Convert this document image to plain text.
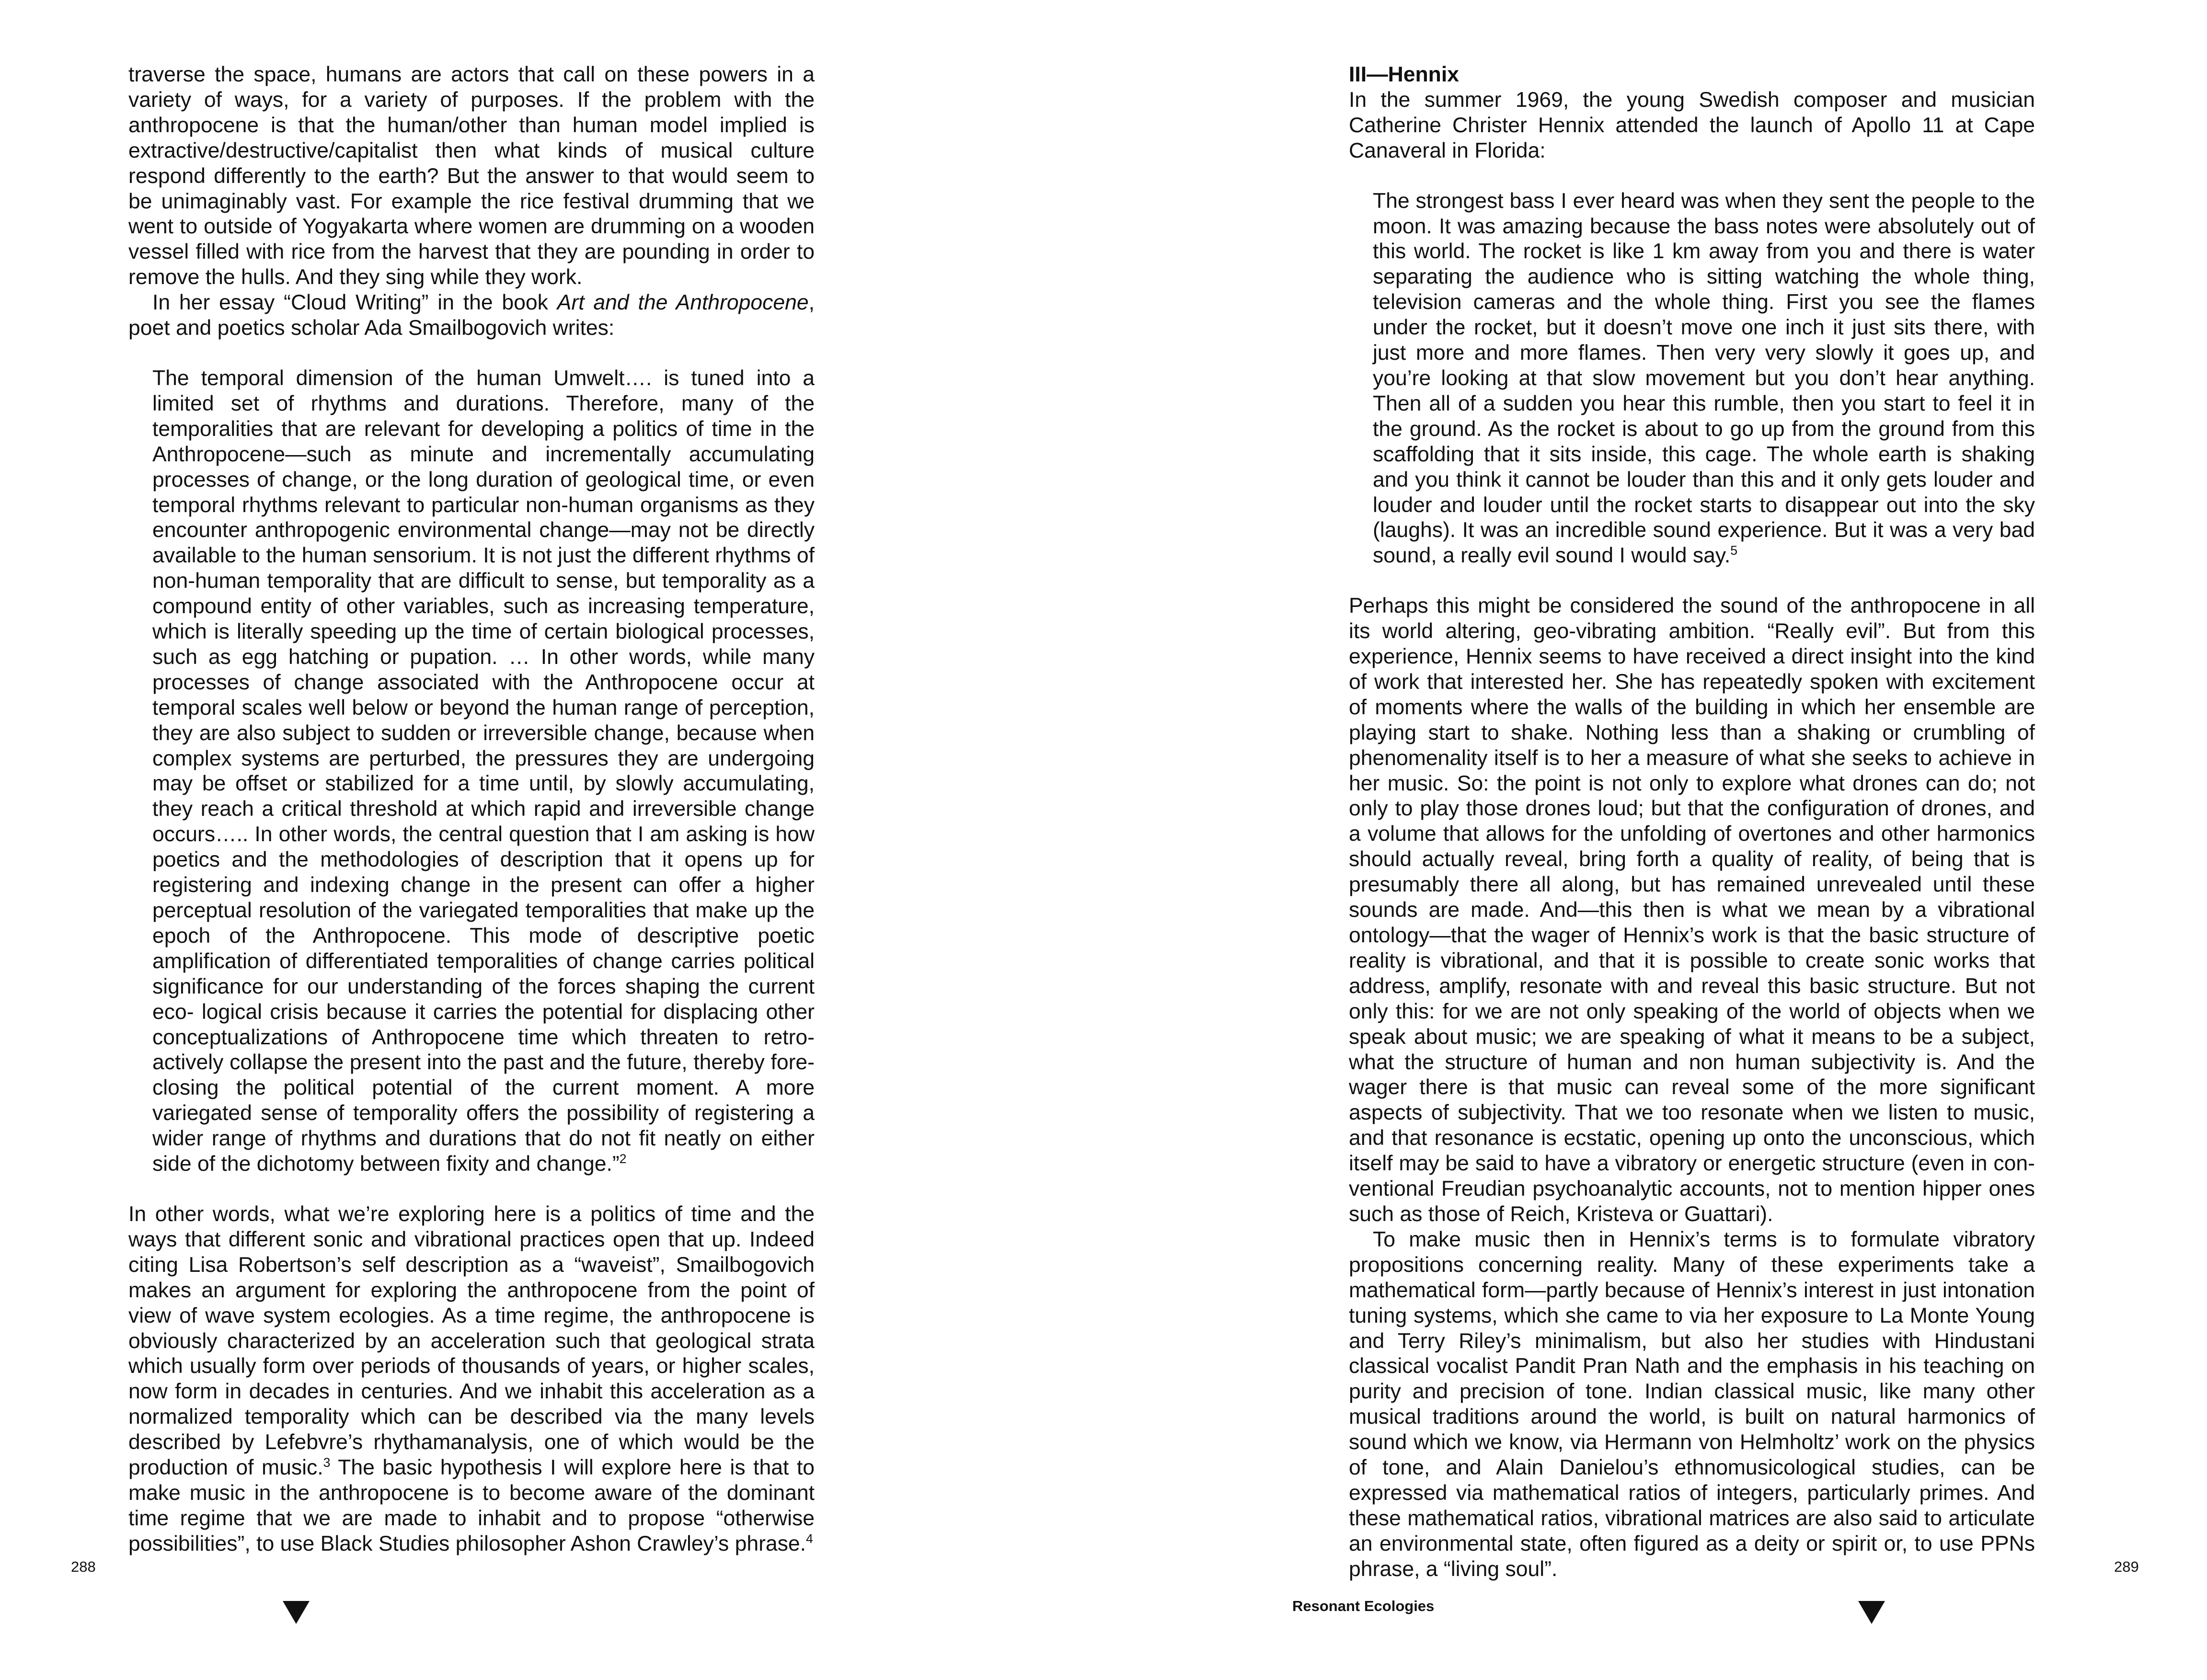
traverse the space, humans are actors that call on these powers in a variety of ways, for a variety of purposes. If the problem with the anthropocene is that the human/other than human model implied is extractive/destructive/capitalist then what kinds of musical culture respond differently to the earth? But the answer to that would seem to be unimaginably vast. For example the rice festival drumming that we went to outside of Yogyakarta where women are drumming on a wooden vessel filled with rice from the harvest that they are pounding in order to remove the hulls. And they sing while they work.

In her essay “Cloud Writing” in the book Art and the Anthropocene, poet and poetics scholar Ada Smailbogovich writes:

The temporal dimension of the human Umwelt…. is tuned into a limited set of rhythms and durations. Therefore, many of the temporalities that are relevant for developing a politics of time in the Anthropocene—such as minute and incrementally accumulating processes of change, or the long duration of geological time, or even temporal rhythms relevant to particular non-human organisms as they encounter anthropogenic environmental change—may not be directly available to the human sensorium. It is not just the different rhythms of non-human temporality that are difficult to sense, but temporality as a compound entity of other variables, such as increasing temperature, which is literally speeding up the time of certain biological processes, such as egg hatching or pupation. … In other words, while many processes of change associated with the Anthropocene occur at temporal scales well below or beyond the human range of perception, they are also subject to sudden or irreversible change, because when complex systems are perturbed, the pressures they are undergoing may be offset or stabilized for a time until, by slowly accumulating, they reach a critical threshold at which rapid and irreversible change occurs….. In other words, the central question that I am asking is how poetics and the methodologies of description that it opens up for registering and indexing change in the present can offer a higher perceptual resolution of the variegated temporalities that make up the epoch of the Anthropocene. This mode of descriptive poetic amplification of differentiated temporalities of change carries political significance for our understanding of the forces shaping the current eco- logical crisis because it carries the potential for displacing other conceptualizations of Anthropocene time which threaten to retroactively collapse the present into the past and the future, thereby foreclosing the political potential of the current moment. A more variegated sense of temporality offers the possibility of registering a wider range of rhythms and durations that do not fit neatly on either side of the dichotomy between fixity and change.”$^2$

In other words, what we’re exploring here is a politics of time and the ways that different sonic and vibrational practices open that up. Indeed citing Lisa Robertson’s self description as a “waveist”, Smailbogovich makes an argument for exploring the anthropocene from the point of view of wave system ecologies. As a time regime, the anthropocene is obviously characterized by an acceleration such that geological strata which usually form over periods of thousands of years, or higher scales, now form in decades in centuries. And we inhabit this acceleration as a normalized temporality which can be described via the many levels described by Lefebvre’s rhythamanalysis, one of which would be the production of music.$^3$ The basic hypothesis I will explore here is that to make music in the anthropocene is to become aware of the dominant time regime that we are made to inhabit and to propose “otherwise possibilities”, to use Black Studies philosopher Ashon Crawley’s phrase.$^4$

288

III—Hennix

In the summer 1969, the young Swedish composer and musician Catherine Christer Hennix attended the launch of Apollo 11 at Cape Canaveral in Florida:

The strongest bass I ever heard was when they sent the people to the moon. It was amazing because the bass notes were absolutely out of this world. The rocket is like 1 km away from you and there is water separating the audience who is sitting watching the whole thing, television cameras and the whole thing. First you see the flames under the rocket, but it doesn’t move one inch it just sits there, with just more and more flames. Then very very slowly it goes up, and you’re looking at that slow movement but you don’t hear anything. Then all of a sudden you hear this rumble, then you start to feel it in the ground. As the rocket is about to go up from the ground from this scaffolding that it sits inside, this cage. The whole earth is shaking and you think it cannot be louder than this and it only gets louder and louder and louder until the rocket starts to disappear out into the sky (laughs). It was an incredible sound experience. But it was a very bad sound, a really evil sound I would say.$^5$

Perhaps this might be considered the sound of the anthropocene in all its world altering, geo-vibrating ambition. “Really evil”. But from this experience, Hennix seems to have received a direct insight into the kind of work that interested her. She has repeatedly spoken with excitement of moments where the walls of the building in which her ensemble are playing start to shake. Nothing less than a shaking or crumbling of phenomenality itself is to her a measure of what she seeks to achieve in her music. So: the point is not only to explore what drones can do; not only to play those drones loud; but that the configuration of drones, and a volume that allows for the unfolding of overtones and other harmonics should actually reveal, bring forth a quality of reality, of being that is presumably there all along, but has remained unrevealed until these sounds are made. And—this then is what we mean by a vibrational ontology—that the wager of Hennix’s work is that the basic structure of reality is vibrational, and that it is possible to create sonic works that address, amplify, resonate with and reveal this basic structure. But not only this: for we are not only speaking of the world of objects when we speak about music; we are speaking of what it means to be a subject, what the structure of human and non human subjectivity is. And the wager there is that music can reveal some of the more significant aspects of subjectivity. That we too resonate when we listen to music, and that resonance is ecstatic, opening up onto the unconscious, which itself may be said to have a vibratory or energetic structure (even in conventional Freudian psychoanalytic accounts, not to mention hipper ones such as those of Reich, Kristeva or Guattari).

To make music then in Hennix’s terms is to formulate vibratory propositions concerning reality. Many of these experiments take a mathematical form—partly because of Hennix’s interest in just intonation tuning systems, which she came to via her exposure to La Monte Young and Terry Riley’s minimalism, but also her studies with Hindustani classical vocalist Pandit Pran Nath and the emphasis in his teaching on purity and precision of tone. Indian classical music, like many other musical traditions around the world, is built on natural harmonics of sound which we know, via Hermann von Helmholtz’ work on the physics of tone, and Alain Danielou’s ethnomusicological studies, can be expressed via mathematical ratios of integers, particularly primes. And these mathematical ratios, vibrational matrices are also said to articulate an environmental state, often figured as a deity or spirit or, to use PPNs phrase, a “living soul”.	289
Resonant Ecologies
